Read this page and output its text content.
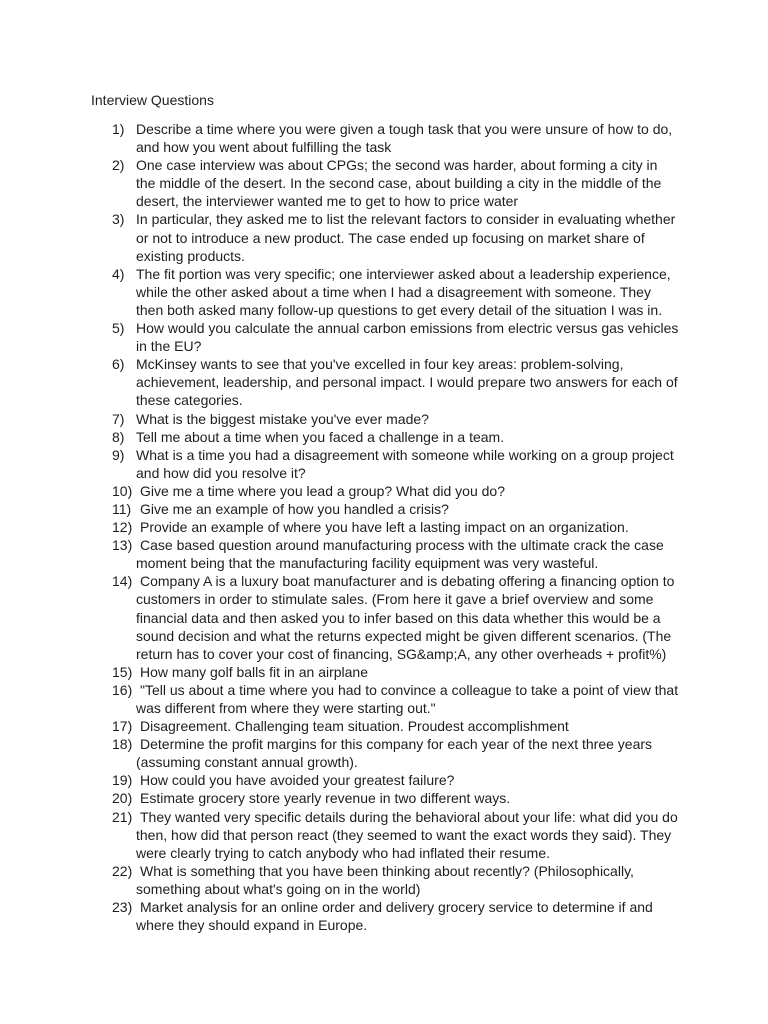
Interview Questions
1) Describe a time where you were given a tough task that you were unsure of how to do, and how you went about fulfilling the task
2) One case interview was about CPGs; the second was harder, about forming a city in the middle of the desert. In the second case, about building a city in the middle of the desert, the interviewer wanted me to get to how to price water
3) In particular, they asked me to list the relevant factors to consider in evaluating whether or not to introduce a new product. The case ended up focusing on market share of existing products.
4) The fit portion was very specific; one interviewer asked about a leadership experience, while the other asked about a time when I had a disagreement with someone. They then both asked many follow-up questions to get every detail of the situation I was in.
5) How would you calculate the annual carbon emissions from electric versus gas vehicles in the EU?
6) McKinsey wants to see that you've excelled in four key areas: problem-solving, achievement, leadership, and personal impact. I would prepare two answers for each of these categories.
7) What is the biggest mistake you've ever made?
8) Tell me about a time when you faced a challenge in a team.
9) What is a time you had a disagreement with someone while working on a group project and how did you resolve it?
10) Give me a time where you lead a group? What did you do?
11) Give me an example of how you handled a crisis?
12) Provide an example of where you have left a lasting impact on an organization.
13) Case based question around manufacturing process with the ultimate crack the case moment being that the manufacturing facility equipment was very wasteful.
14) Company A is a luxury boat manufacturer and is debating offering a financing option to customers in order to stimulate sales. (From here it gave a brief overview and some financial data and then asked you to infer based on this data whether this would be a sound decision and what the returns expected might be given different scenarios. (The return has to cover your cost of financing, SG&amp;A, any other overheads + profit%)
15) How many golf balls fit in an airplane
16) "Tell us about a time where you had to convince a colleague to take a point of view that was different from where they were starting out."
17) Disagreement. Challenging team situation. Proudest accomplishment
18) Determine the profit margins for this company for each year of the next three years (assuming constant annual growth).
19) How could you have avoided your greatest failure?
20) Estimate grocery store yearly revenue in two different ways.
21) They wanted very specific details during the behavioral about your life: what did you do then, how did that person react (they seemed to want the exact words they said). They were clearly trying to catch anybody who had inflated their resume.
22) What is something that you have been thinking about recently? (Philosophically, something about what's going on in the world)
23) Market analysis for an online order and delivery grocery service to determine if and where they should expand in Europe.
